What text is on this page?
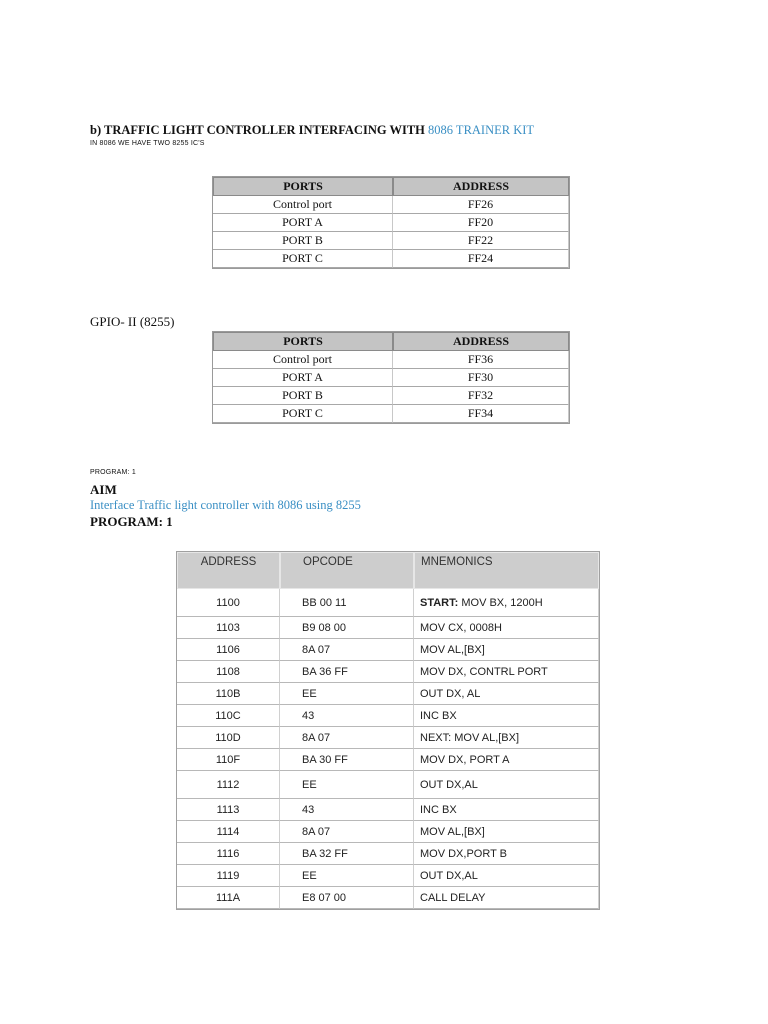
b) TRAFFIC LIGHT CONTROLLER INTERFACING WITH 8086 TRAINER KIT
IN 8086 WE HAVE TWO 8255 IC'S
PORTS	ADDRESS
Control port	FF26
PORT A	FF20
PORT B	FF22
PORT C	FF24
GPIO- II (8255)
PORTS	ADDRESS
Control port	FF36
PORT A	FF30
PORT B	FF32
PORT C	FF34
PROGRAM: 1
AIM
Interface Traffic light controller with 8086 using 8255
PROGRAM: 1
ADDRESS	OPCODE	MNEMONICS
1100	BB 00 11	START: MOV BX, 1200H
1103	B9 08 00	MOV CX, 0008H
1106	8A 07	MOV AL,[BX]
1108	BA 36 FF	MOV DX, CONTRL PORT
110B	EE	OUT DX, AL
110C	43	INC BX
110D	8A 07	NEXT: MOV AL,[BX]
110F	BA 30 FF	MOV DX, PORT A
1112	EE	OUT DX,AL
1113	43	INC BX
1114	8A 07	MOV AL,[BX]
1116	BA 32 FF	MOV DX,PORT B
1119	EE	OUT DX,AL
111A	E8 07 00	CALL DELAY
